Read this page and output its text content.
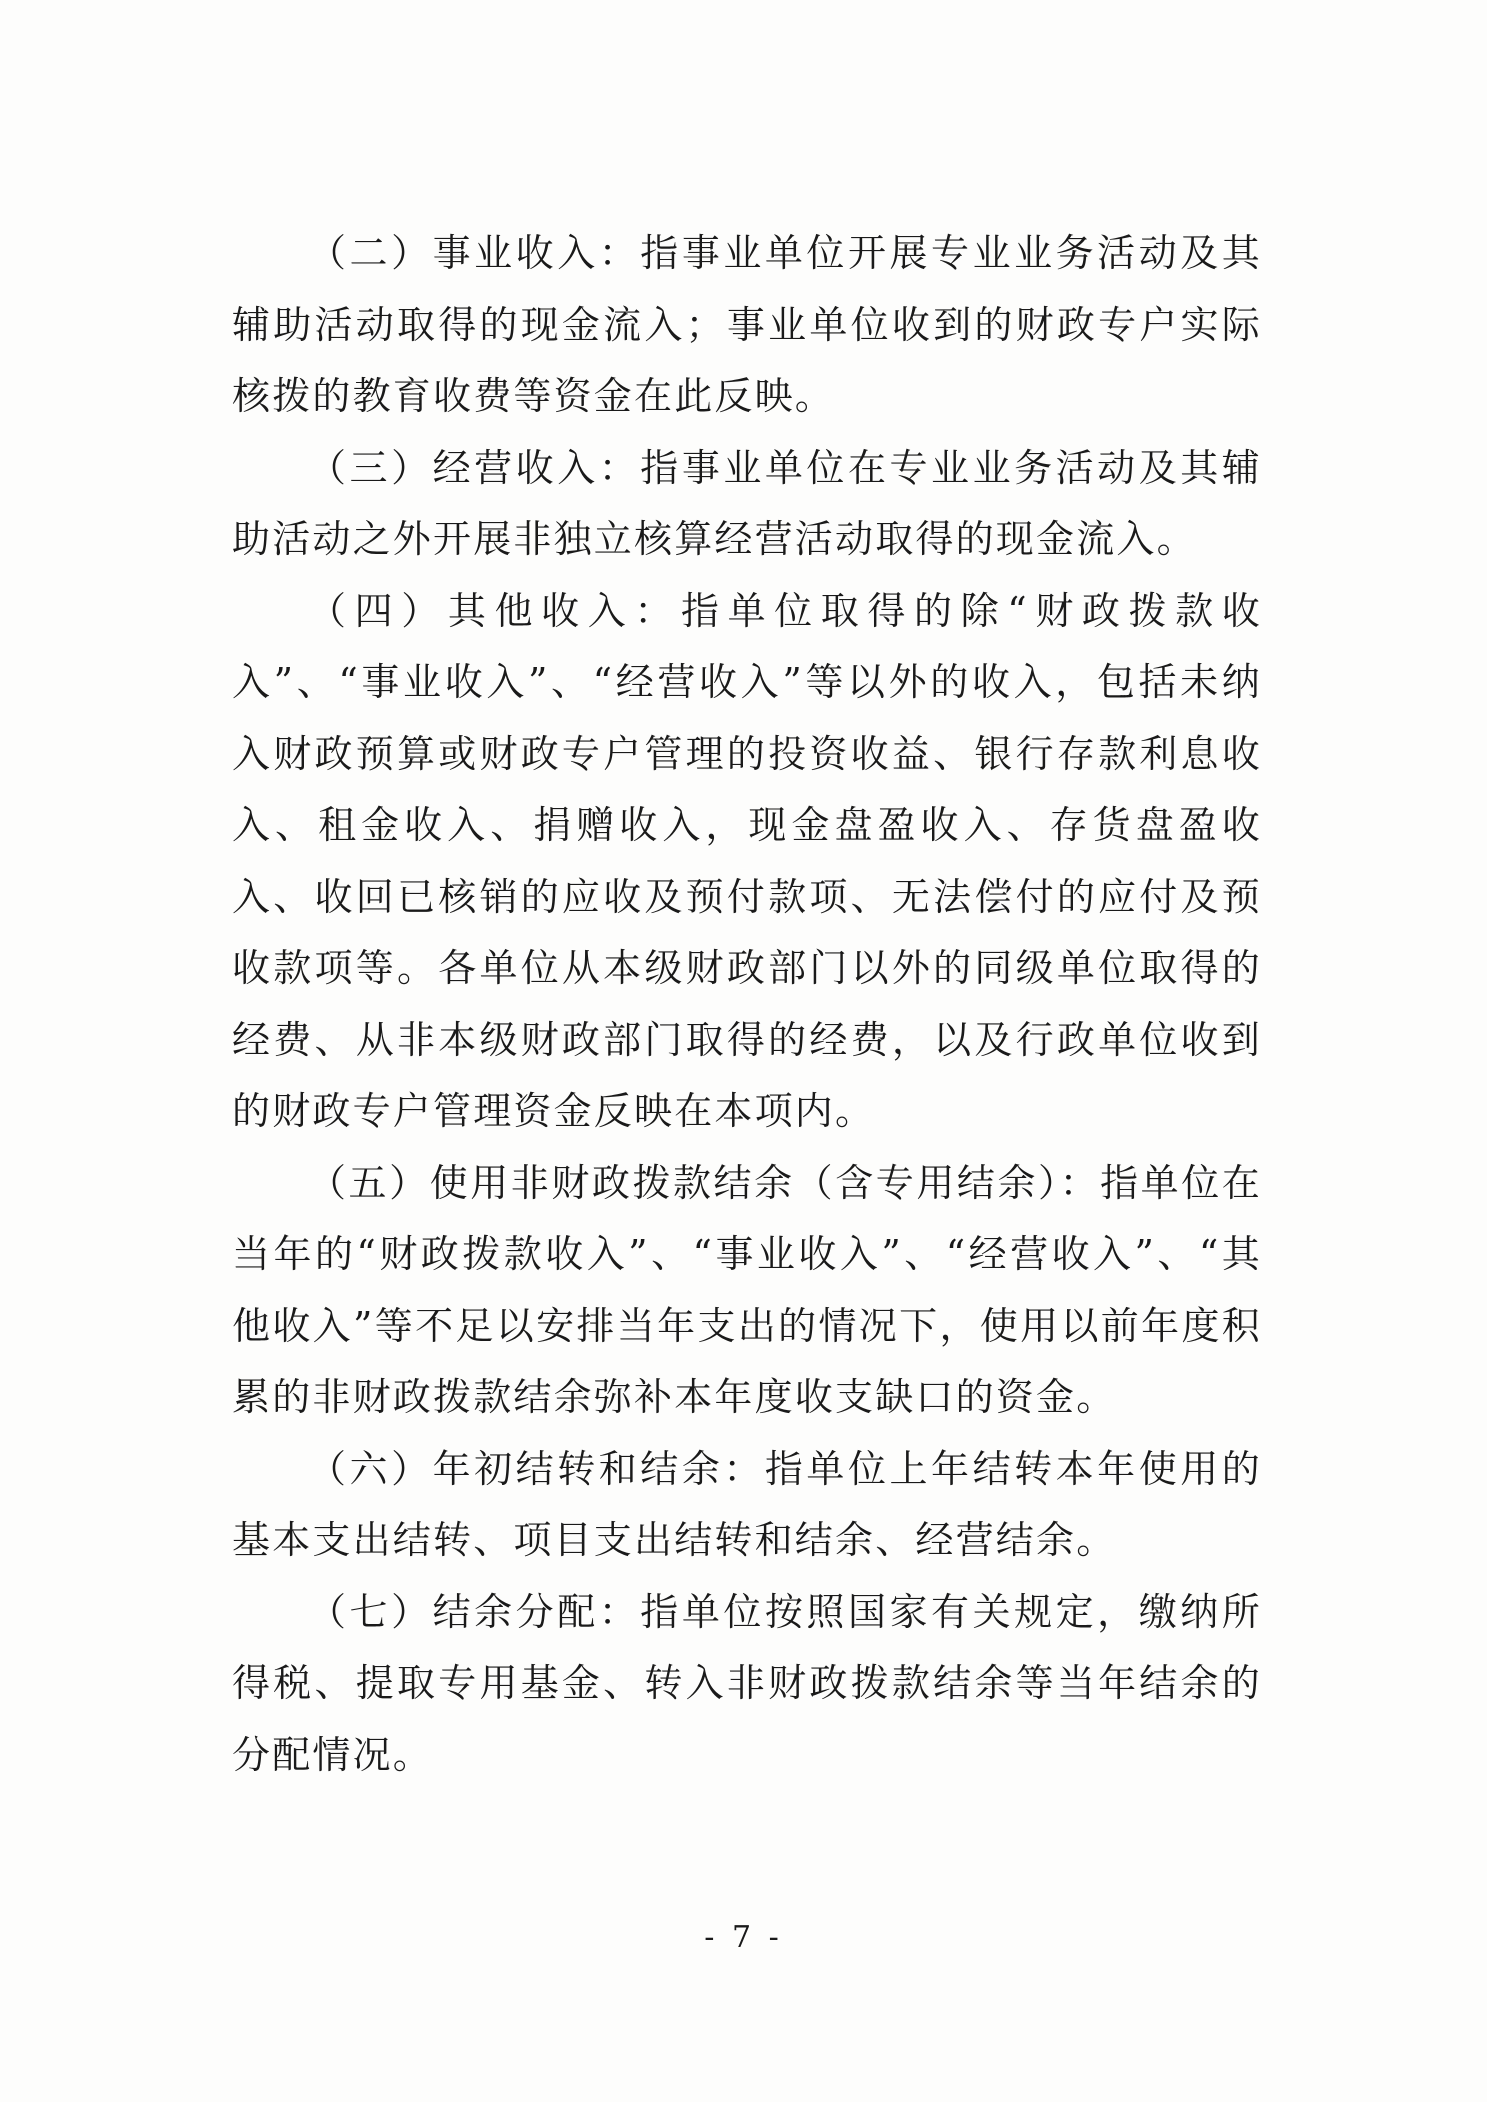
（二）事业收入：指事业单位开展专业业务活动及其辅助活动取得的现金流入；事业单位收到的财政专户实际核拨的教育收费等资金在此反映。

（三）经营收入：指事业单位在专业业务活动及其辅助活动之外开展非独立核算经营活动取得的现金流入。

（四）其他收入：指单位取得的除“财政拨款收入”、“事业收入”、“经营收入”等以外的收入，包括未纳入财政预算或财政专户管理的投资收益、银行存款利息收入、租金收入、捐赠收入，现金盘盈收入、存货盘盈收入、收回已核销的应收及预付款项、无法偿付的应付及预收款项等。各单位从本级财政部门以外的同级单位取得的经费、从非本级财政部门取得的经费，以及行政单位收到的财政专户管理资金反映在本项内。

（五）使用非财政拨款结余（含专用结余）：指单位在当年的“财政拨款收入”、“事业收入”、“经营收入”、“其他收入”等不足以安排当年支出的情况下，使用以前年度积累的非财政拨款结余弥补本年度收支缺口的资金。

（六）年初结转和结余：指单位上年结转本年使用的基本支出结转、项目支出结转和结余、经营结余。

（七）结余分配：指单位按照国家有关规定，缴纳所得税、提取专用基金、转入非财政拨款结余等当年结余的分配情况。

- 7 -
